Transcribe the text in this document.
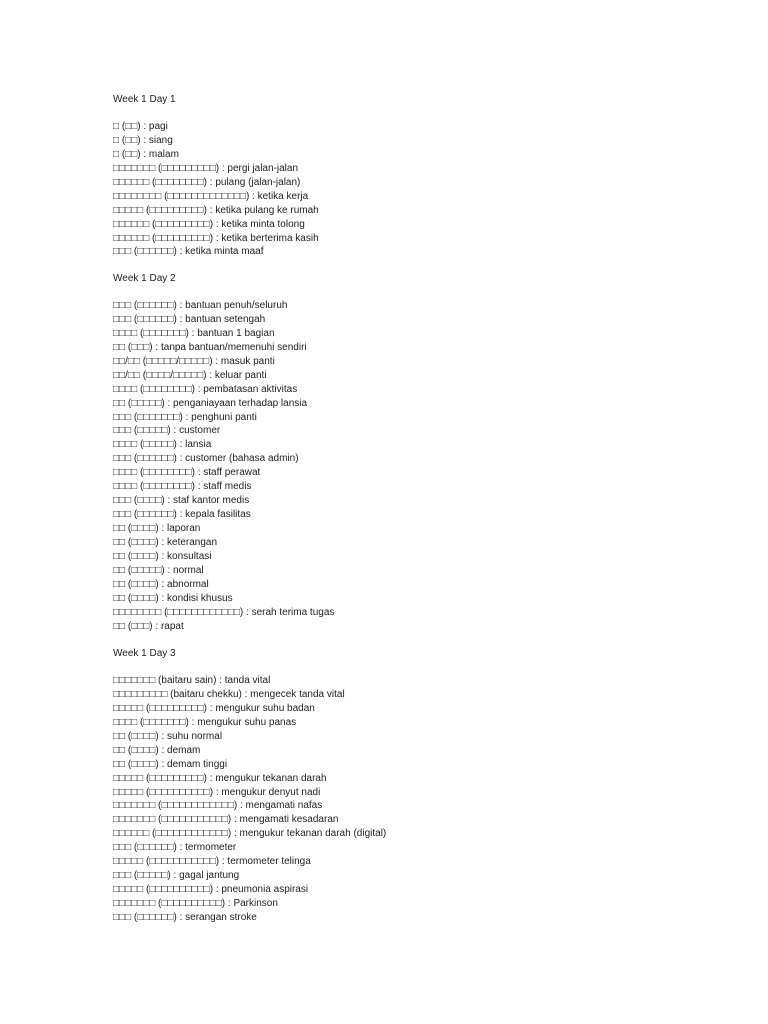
Week 1 Day 1
□ (□□) : pagi
□ (□□) : siang
□ (□□) : malam
□□□□□□□ (□□□□□□□□□) : pergi jalan-jalan
□□□□□□ (□□□□□□□□) : pulang (jalan-jalan)
□□□□□□□□ (□□□□□□□□□□□□□) : ketika kerja
□□□□□ (□□□□□□□□□) : ketika pulang ke rumah
□□□□□□ (□□□□□□□□□) : ketika minta tolong
□□□□□□ (□□□□□□□□□) : ketika berterima kasih
□□□ (□□□□□□) : ketika minta maaf
Week 1 Day 2
□□□ (□□□□□□) : bantuan penuh/seluruh
□□□ (□□□□□□) : bantuan setengah
□□□□ (□□□□□□□) : bantuan 1 bagian
□□ (□□□) : tanpa bantuan/memenuhi sendiri
□□/□□ (□□□□□/□□□□□) : masuk panti
□□/□□ (□□□□/□□□□□) : keluar panti
□□□□ (□□□□□□□□) : pembatasan aktivitas
□□ (□□□□□) : penganiayaan terhadap lansia
□□□ (□□□□□□□) : penghuni panti
□□□ (□□□□□) : customer
□□□□ (□□□□□) : lansia
□□□ (□□□□□□) : customer (bahasa admin)
□□□□ (□□□□□□□□) : staff perawat
□□□□ (□□□□□□□□) : staff medis
□□□ (□□□□) : staf kantor medis
□□□ (□□□□□□) : kepala fasilitas
□□ (□□□□) : laporan
□□ (□□□□) : keterangan
□□ (□□□□) : konsultasi
□□ (□□□□□) : normal
□□ (□□□□) : abnormal
□□ (□□□□) : kondisi khusus
□□□□□□□□ (□□□□□□□□□□□□) : serah terima tugas
□□ (□□□) : rapat
Week 1 Day 3
□□□□□□□ (baitaru sain) : tanda vital
□□□□□□□□□ (baitaru chekku) : mengecek tanda vital
□□□□□ (□□□□□□□□□) : mengukur suhu badan
□□□□ (□□□□□□□) : mengukur suhu panas
□□ (□□□□) : suhu normal
□□ (□□□□) : demam
□□ (□□□□) : demam tinggi
□□□□□ (□□□□□□□□□) : mengukur tekanan darah
□□□□□ (□□□□□□□□□□) : mengukur denyut nadi
□□□□□□□ (□□□□□□□□□□□□) : mengamati nafas
□□□□□□□ (□□□□□□□□□□□) : mengamati kesadaran
□□□□□□ (□□□□□□□□□□□□) : mengukur tekanan darah (digital)
□□□ (□□□□□□) : termometer
□□□□□ (□□□□□□□□□□□) : termometer telinga
□□□ (□□□□□) : gagal jantung
□□□□□ (□□□□□□□□□□) : pneumonia aspirasi
□□□□□□□ (□□□□□□□□□□) : Parkinson
□□□ (□□□□□□) : serangan stroke
